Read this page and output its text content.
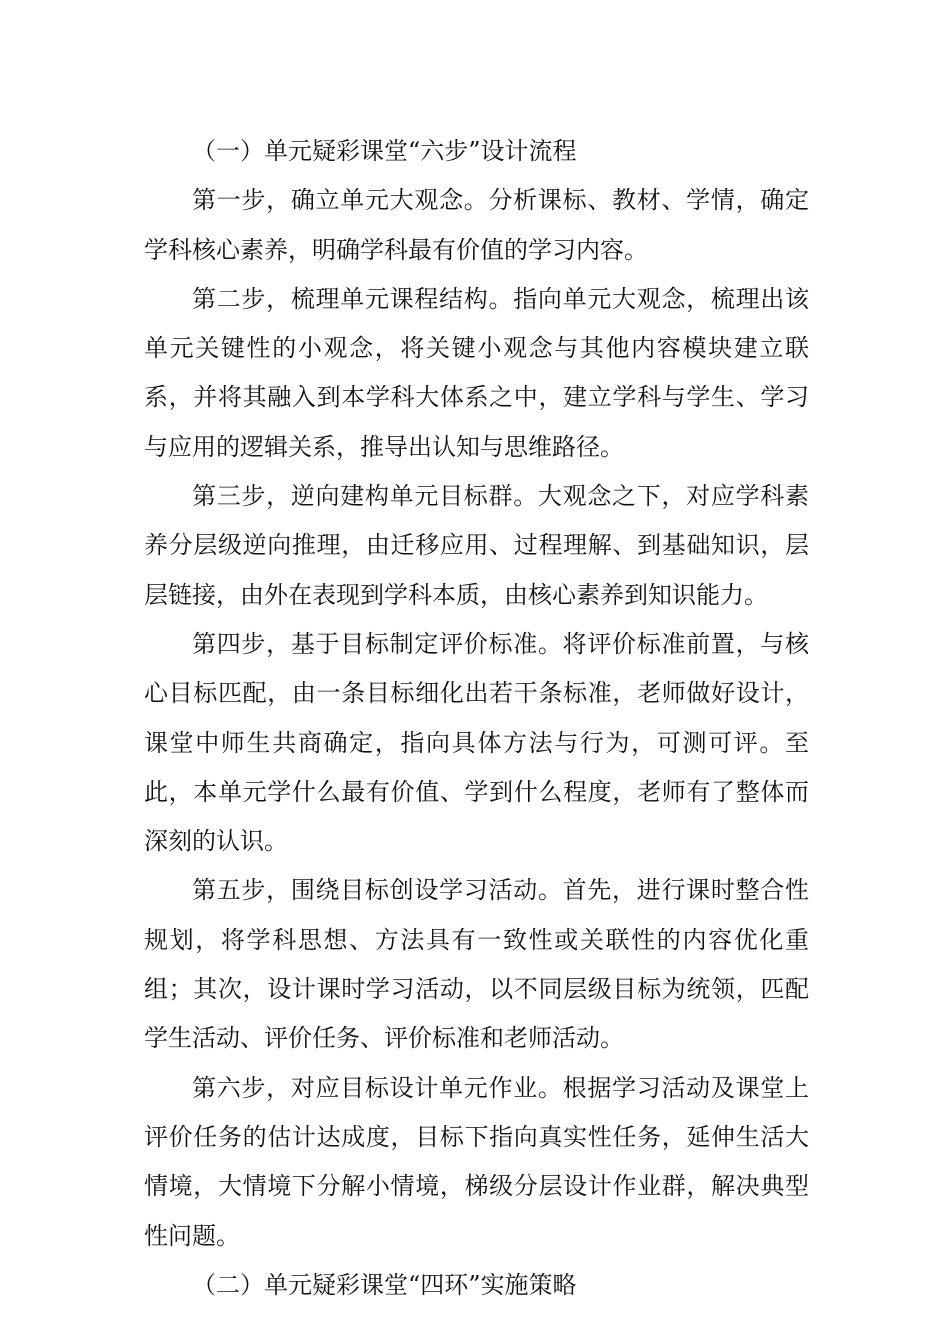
（一）单元疑彩课堂“六步”设计流程

第一步，确立单元大观念。分析课标、教材、学情，确定学科核心素养，明确学科最有价值的学习内容。

第二步，梳理单元课程结构。指向单元大观念，梳理出该单元关键性的小观念，将关键小观念与其他内容模块建立联系，并将其融入到本学科大体系之中，建立学科与学生、学习与应用的逻辑关系，推导出认知与思维路径。

第三步，逆向建构单元目标群。大观念之下，对应学科素养分层级逆向推理，由迁移应用、过程理解、到基础知识，层层链接，由外在表现到学科本质，由核心素养到知识能力。

第四步，基于目标制定评价标准。将评价标准前置，与核心目标匹配，由一条目标细化出若干条标准，老师做好设计，课堂中师生共商确定，指向具体方法与行为，可测可评。至此，本单元学什么最有价值、学到什么程度，老师有了整体而深刻的认识。

第五步，围绕目标创设学习活动。首先，进行课时整合性规划，将学科思想、方法具有一致性或关联性的内容优化重组；其次，设计课时学习活动，以不同层级目标为统领，匹配学生活动、评价任务、评价标准和老师活动。

第六步，对应目标设计单元作业。根据学习活动及课堂上评价任务的估计达成度，目标下指向真实性任务，延伸生活大情境，大情境下分解小情境，梯级分层设计作业群，解决典型性问题。

（二）单元疑彩课堂“四环”实施策略
